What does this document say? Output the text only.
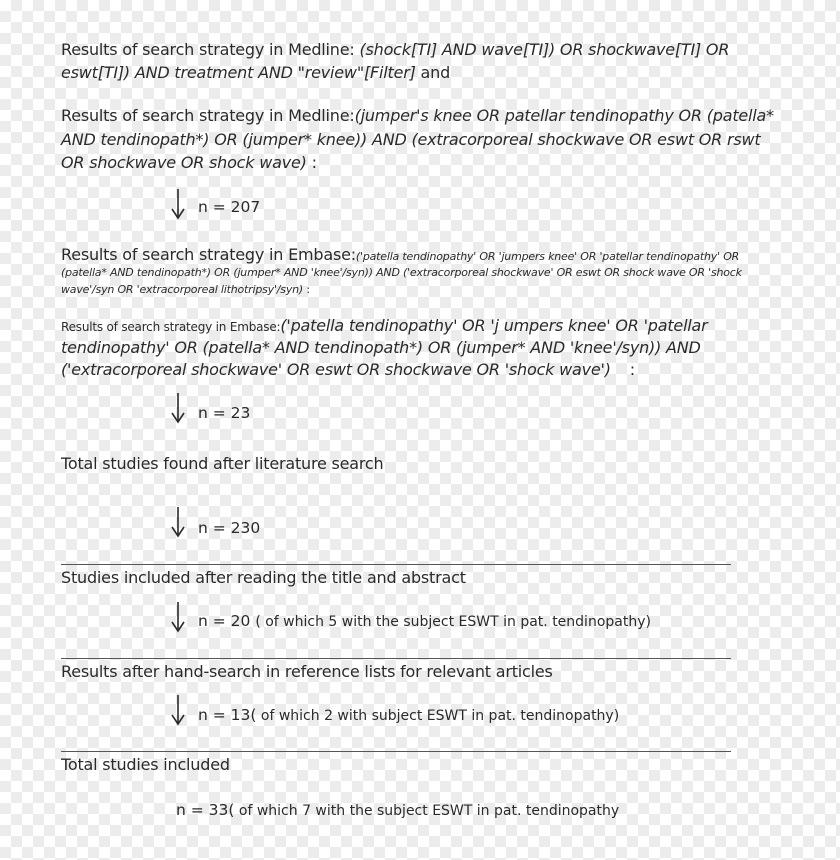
Results of search strategy in Medline: (shock[TI] AND wave[TI]) OR shockwave[TI] OR
eswt[TI]) AND treatment AND "review"[Filter] and
Results of search strategy in Medline:(jumper's knee OR patellar tendinopathy OR (patella*
AND tendinopath*) OR (jumper* knee)) AND (extracorporeal shockwave OR eswt OR rswt
OR shockwave OR shock wave) :
n = 207
Results of search strategy in Embase:('patella tendinopathy' OR 'jumpers knee' OR 'patellar tendinopathy' OR
(patella* AND tendinopath*) OR (jumper* AND 'knee'/syn)) AND ('extracorporeal shockwave' OR eswt OR shock wave OR 'shock
wave'/syn OR 'extracorporeal lithotripsy'/syn) :
Results of search strategy in Embase:('patella tendinopathy' OR 'j umpers knee' OR 'patellar
tendinopathy' OR (patella* AND tendinopath*) OR (jumper* AND 'knee'/syn)) AND
('extracorporeal shockwave' OR eswt OR shockwave OR 'shock wave') :
n = 23
Total studies found after literature search
n = 230
Studies included after reading the title and abstract
n = 20 ( of which 5 with the subject ESWT in pat. tendinopathy)
Results after hand-search in reference lists for relevant articles
n = 13( of which 2 with subject ESWT in pat. tendinopathy)
Total studies included
n = 33( of which 7 with the subject ESWT in pat. tendinopathy
